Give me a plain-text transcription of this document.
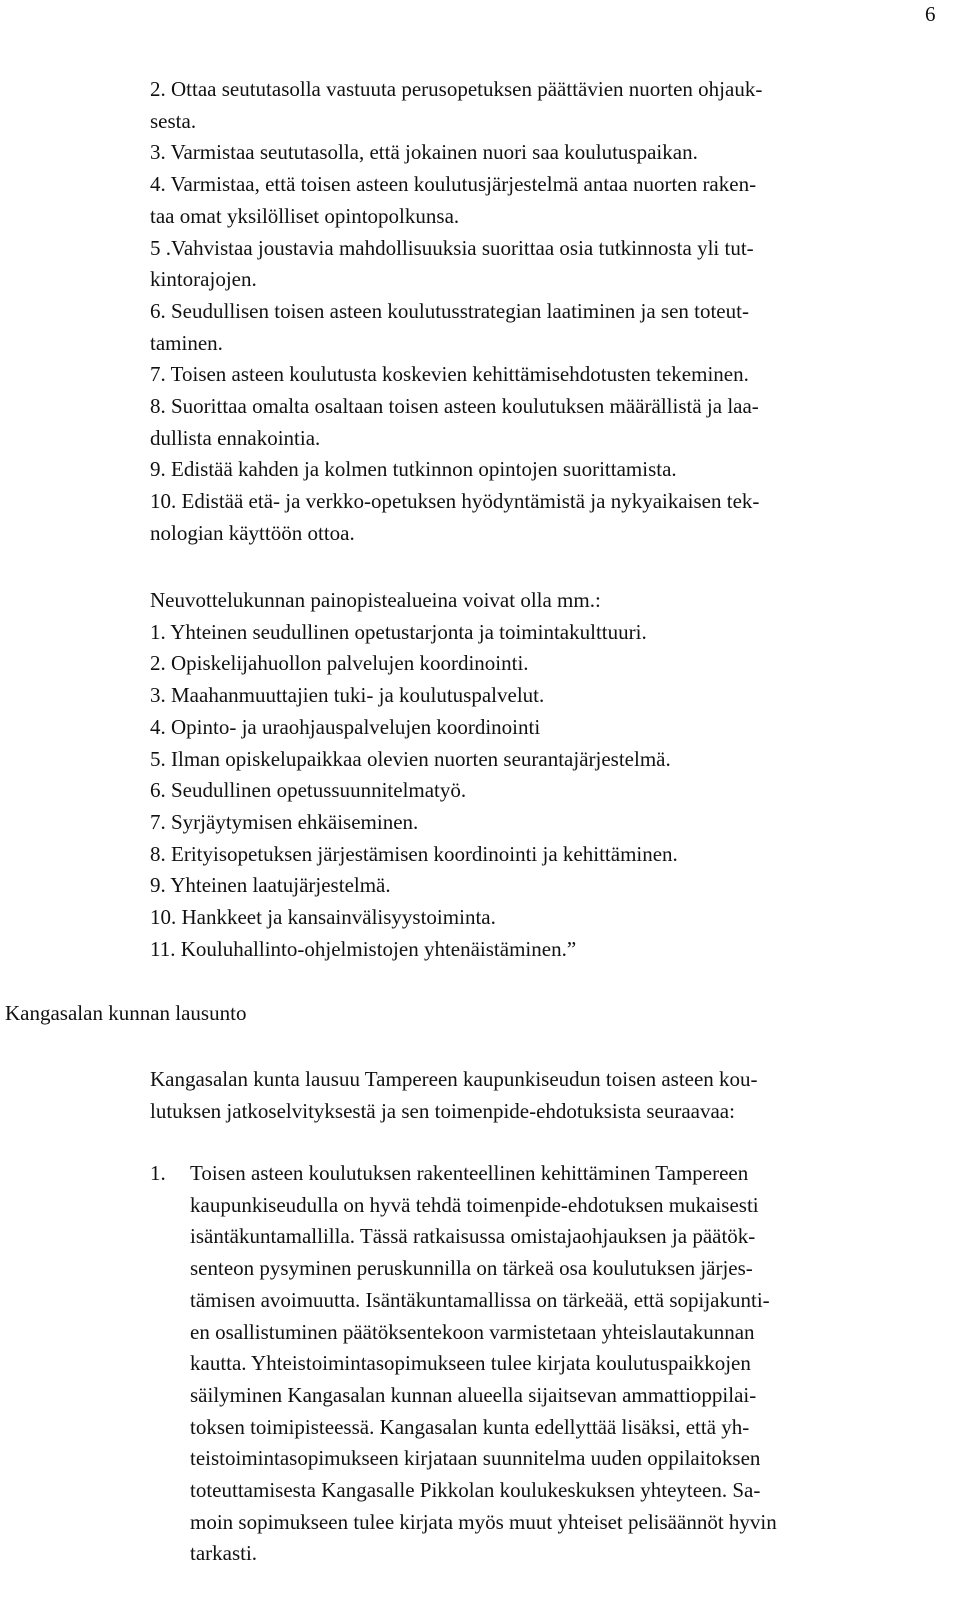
6
2. Ottaa seututasolla vastuuta perusopetuksen päättävien nuorten ohjauk-
sesta.
3. Varmistaa seututasolla, että jokainen nuori saa koulutuspaikan.
4. Varmistaa, että toisen asteen koulutusjärjestelmä antaa nuorten raken-
taa omat yksilölliset opintopolkunsa.
5 .Vahvistaa joustavia mahdollisuuksia suorittaa osia tutkinnosta yli tut-
kintorajojen.
6. Seudullisen toisen asteen koulutusstrategian laatiminen ja sen toteut-
taminen.
7. Toisen asteen koulutusta koskevien kehittämisehdotusten tekeminen.
8. Suorittaa omalta osaltaan toisen asteen koulutuksen määrällistä ja laa-
dullista ennakointia.
9. Edistää kahden ja kolmen tutkinnon opintojen suorittamista.
10. Edistää etä- ja verkko-opetuksen hyödyntämistä ja nykyaikaisen tek-
nologian käyttöön ottoa.
Neuvottelukunnan painopistealueina voivat olla mm.:
1. Yhteinen seudullinen opetustarjonta ja toimintakulttuuri.
2. Opiskelijahuollon palvelujen koordinointi.
3. Maahanmuuttajien tuki- ja koulutuspalvelut.
4. Opinto- ja uraohjauspalvelujen koordinointi
5. Ilman opiskelupaikkaa olevien nuorten seurantajärjestelmä.
6. Seudullinen opetussuunnitelmatyö.
7. Syrjäytymisen ehkäiseminen.
8. Erityisopetuksen järjestämisen koordinointi ja kehittäminen.
9. Yhteinen laatujärjestelmä.
10. Hankkeet ja kansainvälisyystoiminta.
11. Kouluhallinto-ohjelmistojen yhtenäistäminen.”
Kangasalan kunnan lausunto
Kangasalan kunta lausuu Tampereen kaupunkiseudun toisen asteen kou-
lutuksen jatkoselvityksestä ja sen toimenpide-ehdotuksista seuraavaa:
1. Toisen asteen koulutuksen rakenteellinen kehittäminen Tampereen
kaupunkiseudulla on hyvä tehdä toimenpide-ehdotuksen mukaisesti
isäntäkuntamallilla. Tässä ratkaisussa omistajaohjauksen ja päätök-
senteon pysyminen peruskunnilla on tärkeä osa koulutuksen järjes-
tämisen avoimuutta. Isäntäkuntamallissa on tärkeää, että sopijakunti-
en osallistuminen päätöksentekoon varmistetaan yhteislautakunnan
kautta. Yhteistoimintasopimukseen tulee kirjata koulutuspaikkojen
säilyminen Kangasalan kunnan alueella sijaitsevan ammattioppilai-
toksen toimipisteessä. Kangasalan kunta edellyttää lisäksi, että yh-
teistoimintasopimukseen kirjataan suunnitelma uuden oppilaitoksen
toteuttamisesta Kangasalle Pikkolan koulukeskuksen yhteyteen. Sa-
moin sopimukseen tulee kirjata myös muut yhteiset pelisäännöt hyvin
tarkasti.
